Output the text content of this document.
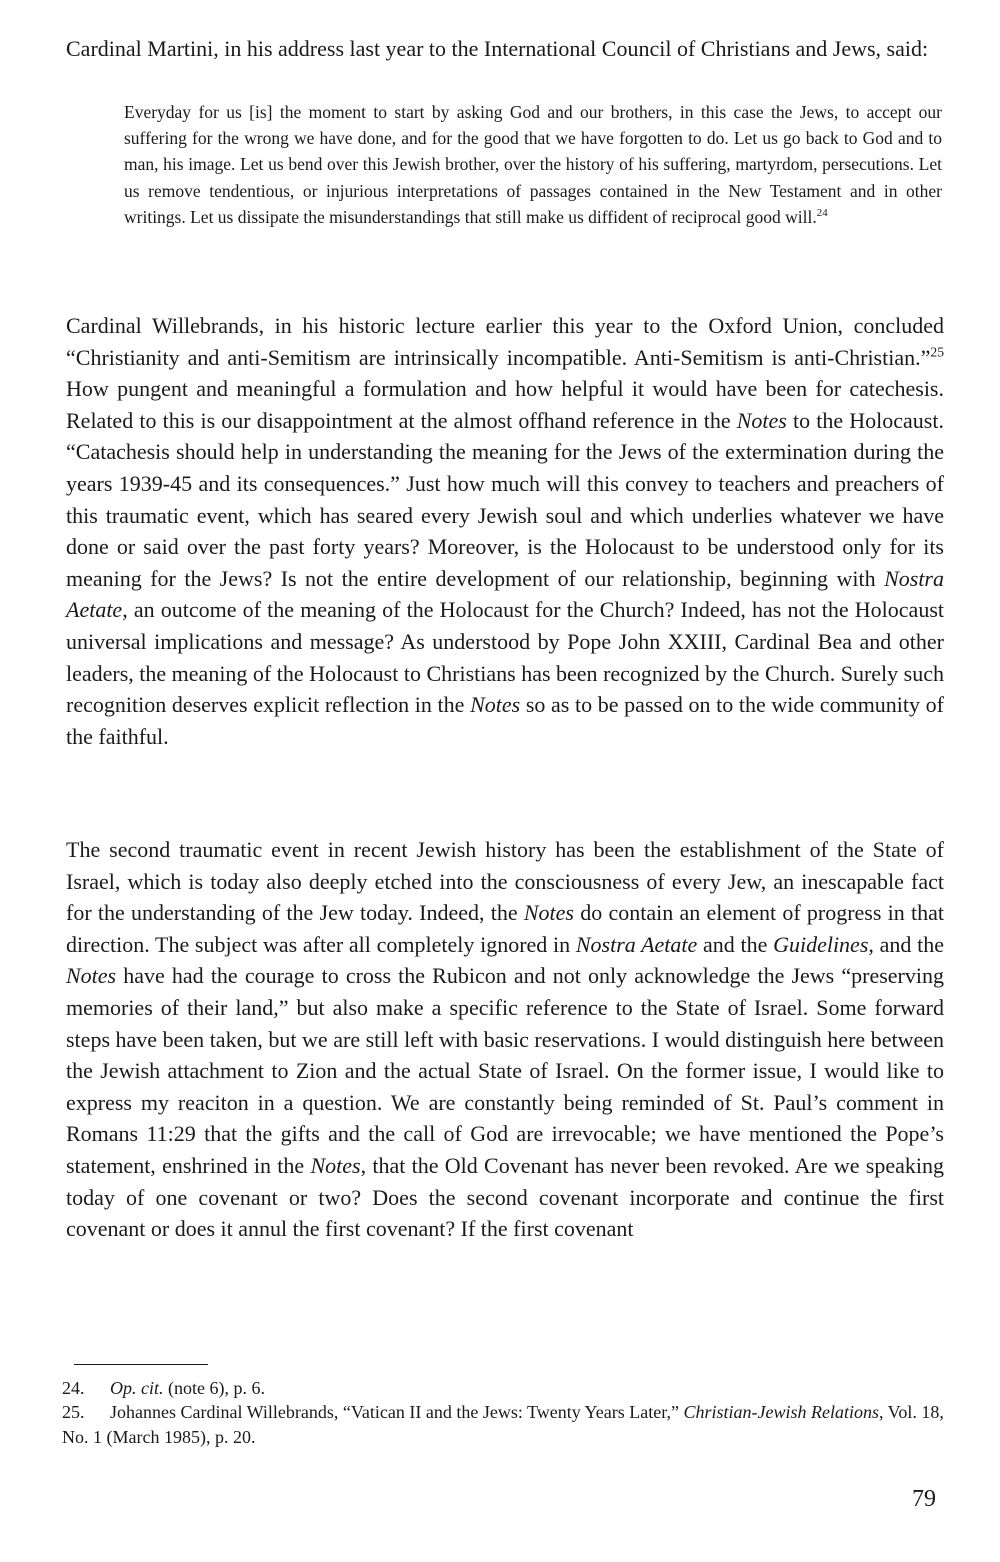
Cardinal Martini, in his address last year to the International Council of Christians and Jews, said:

Everyday for us [is] the moment to start by asking God and our brothers, in this case the Jews, to accept our suffering for the wrong we have done, and for the good that we have forgotten to do. Let us go back to God and to man, his image. Let us bend over this Jewish brother, over the history of his suffering, martyrdom, persecutions. Let us remove tendentious, or injurious interpretations of passages contained in the New Testament and in other writings. Let us dissipate the misunderstandings that still make us diffident of reciprocal good will.$^{24}$

Cardinal Willebrands, in his historic lecture earlier this year to the Oxford Union, concluded “Christianity and anti-Semitism are intrinsically incompatible. Anti-Semitism is anti-Christian.”$^{25}$ How pungent and meaningful a formulation and how helpful it would have been for catechesis. Related to this is our disappointment at the almost offhand reference in the Notes to the Holocaust. “Catachesis should help in understanding the meaning for the Jews of the extermination during the years 1939-45 and its consequences.” Just how much will this convey to teachers and preachers of this traumatic event, which has seared every Jewish soul and which underlies whatever we have done or said over the past forty years? Moreover, is the Holocaust to be understood only for its meaning for the Jews? Is not the entire development of our relationship, beginning with Nostra Aetate, an outcome of the meaning of the Holocaust for the Church? Indeed, has not the Holocaust universal implications and message? As understood by Pope John XXIII, Cardinal Bea and other leaders, the meaning of the Holocaust to Christians has been recognized by the Church. Surely such recognition deserves explicit reflection in the Notes so as to be passed on to the wide community of the faithful.

The second traumatic event in recent Jewish history has been the establishment of the State of Israel, which is today also deeply etched into the consciousness of every Jew, an inescapable fact for the understanding of the Jew today. Indeed, the Notes do contain an element of progress in that direction. The subject was after all completely ignored in Nostra Aetate and the Guidelines, and the Notes have had the courage to cross the Rubicon and not only acknowledge the Jews “preserving memories of their land,” but also make a specific reference to the State of Israel. Some forward steps have been taken, but we are still left with basic reservations. I would distinguish here between the Jewish attachment to Zion and the actual State of Israel. On the former issue, I would like to express my reaciton in a question. We are constantly being reminded of St. Paul’s comment in Romans 11:29 that the gifts and the call of God are irrevocable; we have mentioned the Pope’s statement, enshrined in the Notes, that the Old Covenant has never been revoked. Are we speaking today of one covenant or two? Does the second covenant incorporate and continue the first covenant or does it annul the first covenant? If the first covenant

24. Op. cit. (note 6), p. 6.

25. Johannes Cardinal Willebrands, “Vatican II and the Jews: Twenty Years Later,” Christian-Jewish Relations, Vol. 18, No. 1 (March 1985), p. 20.

79
